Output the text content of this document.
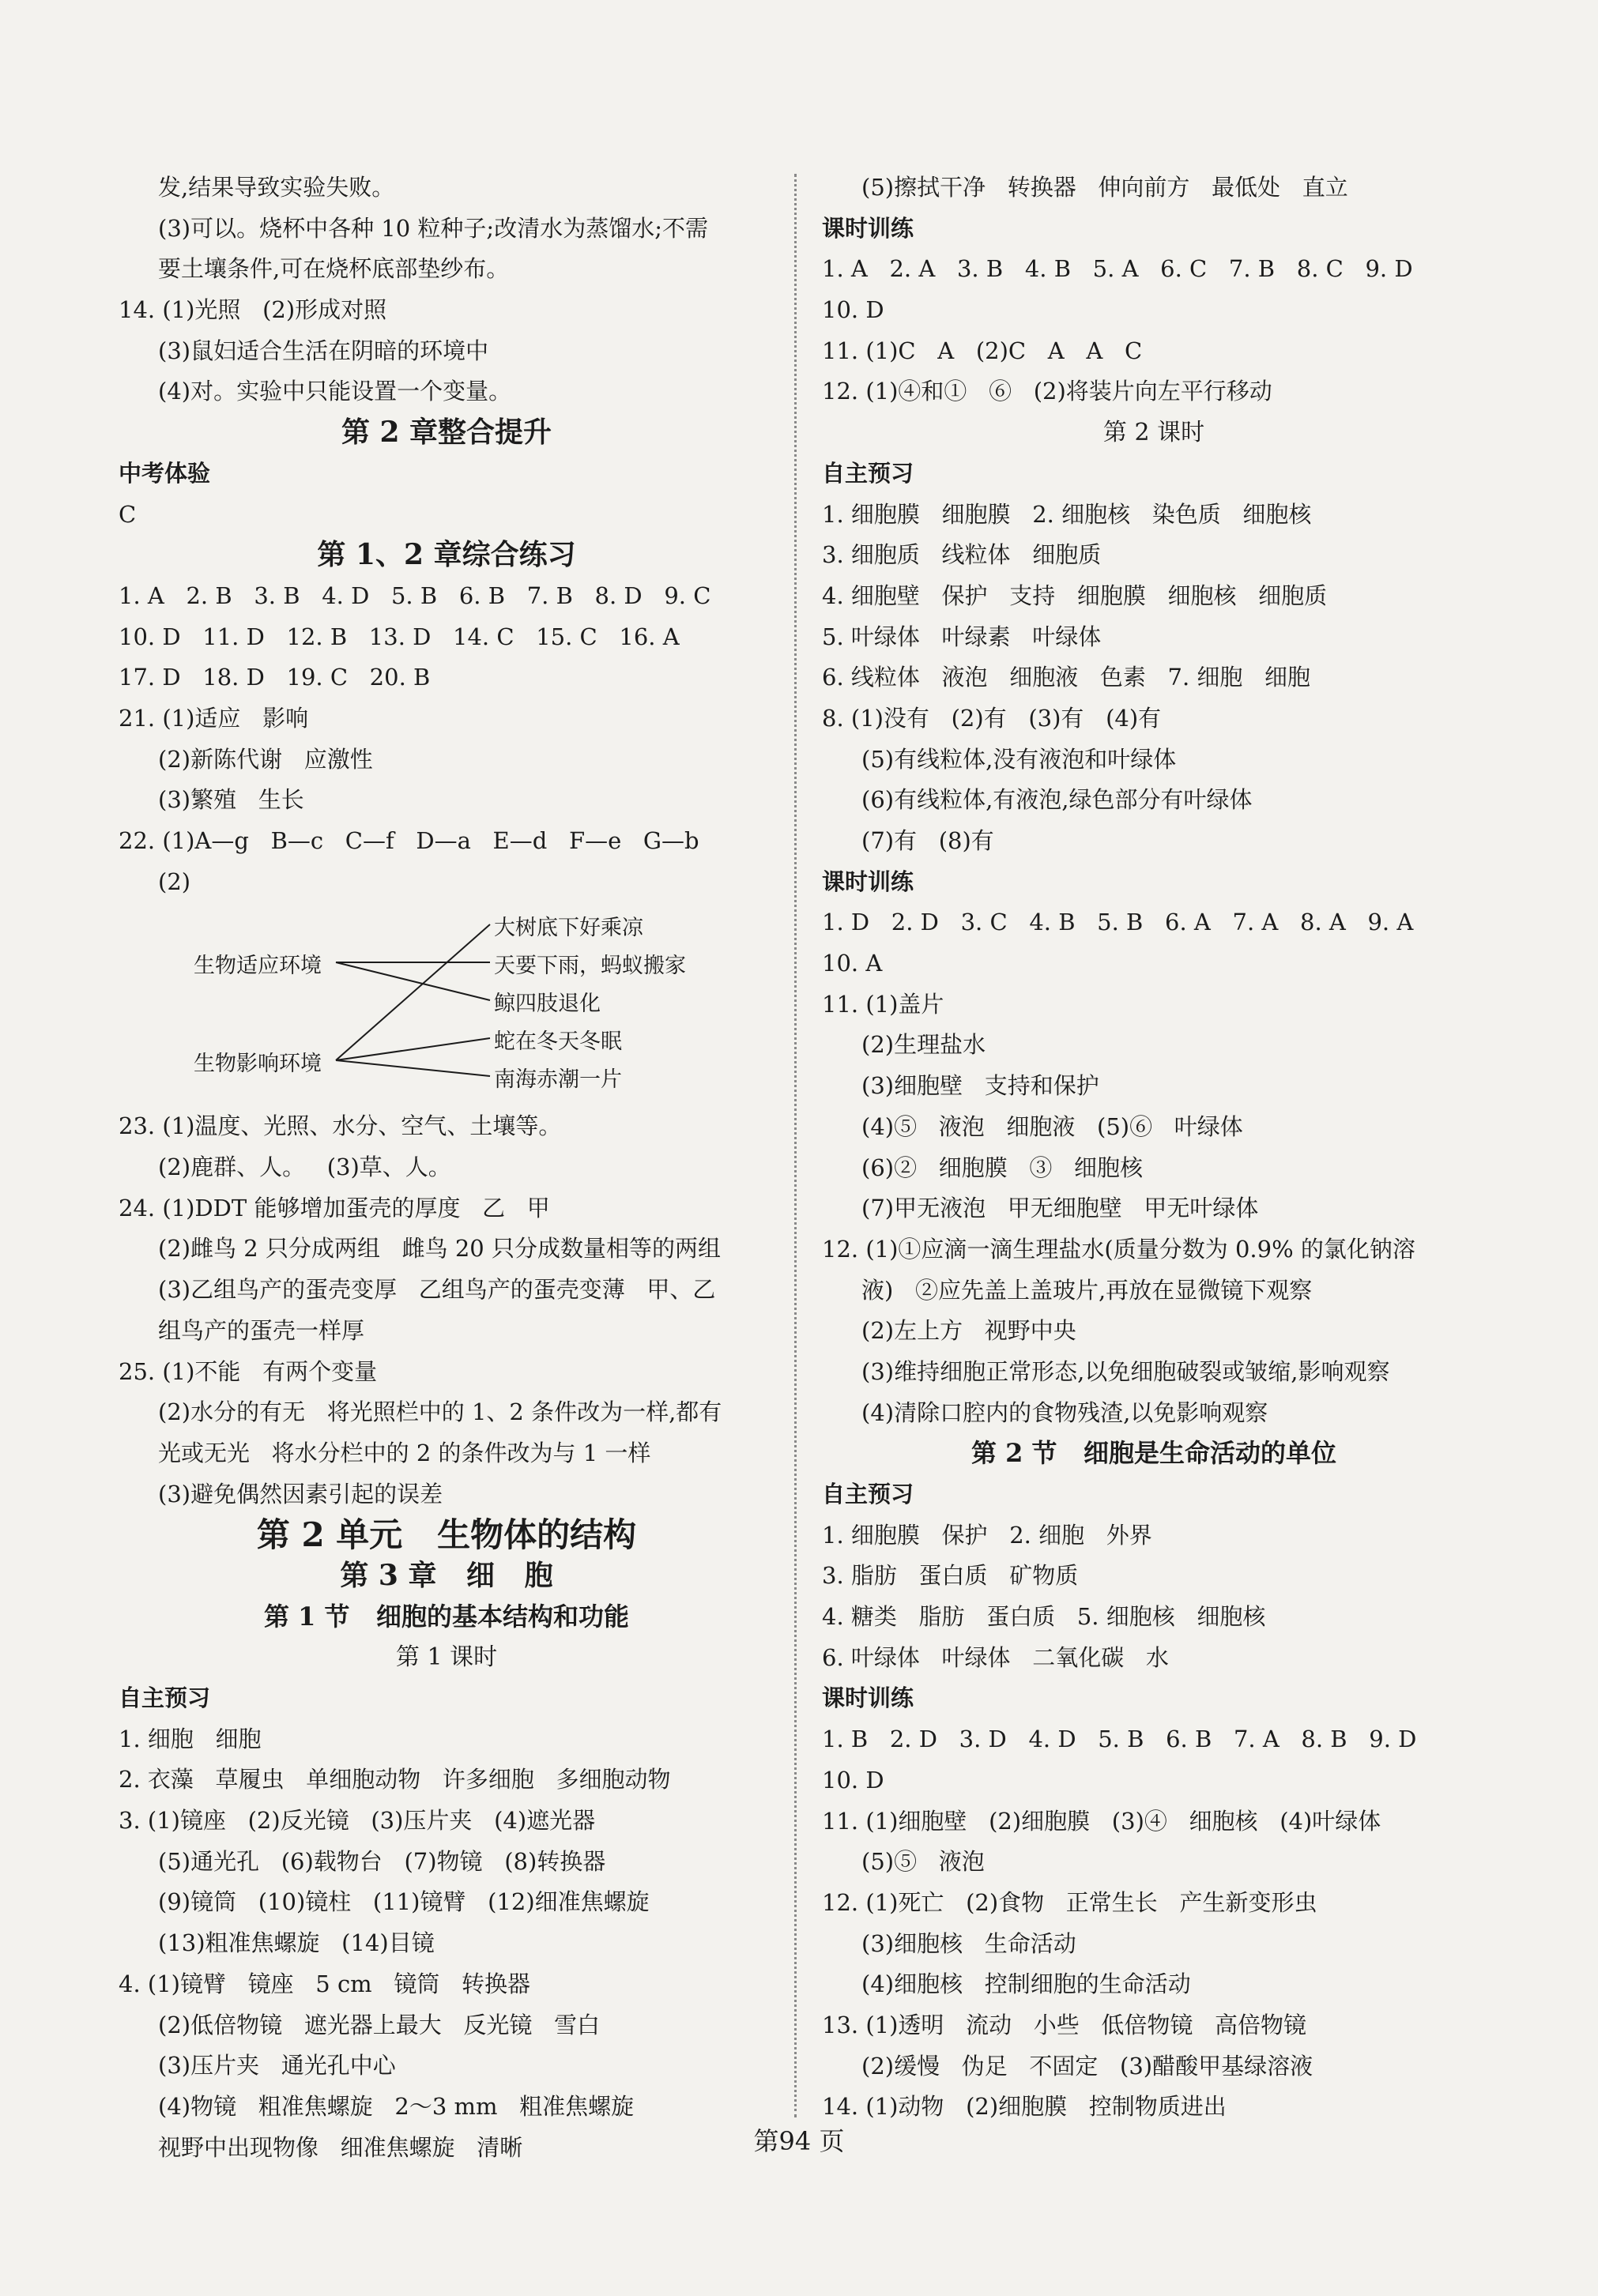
发,结果导致实验失败。
(3)可以。烧杯中各种 10 粒种子;改清水为蒸馏水;不需
要土壤条件,可在烧杯底部垫纱布。
14. (1)光照   (2)形成对照
(3)鼠妇适合生活在阴暗的环境中
(4)对。实验中只能设置一个变量。
第 2 章整合提升
中考体验
C
第 1、2 章综合练习
1. A   2. B   3. B   4. D   5. B   6. B   7. B   8. D   9. C
10. D   11. D   12. B   13. D   14. C   15. C   16. A
17. D   18. D   19. C   20. B
21. (1)适应   影响
(2)新陈代谢   应激性
(3)繁殖   生长
22. (1)A—g   B—c   C—f   D—a   E—d   F—e   G—b
(2)
生物适应环境
生物影响环境
大树底下好乘凉
天要下雨，蚂蚁搬家
鲸四肢退化
蛇在冬天冬眠
南海赤潮一片
23. (1)温度、光照、水分、空气、土壤等。
(2)鹿群、人。   (3)草、人。
24. (1)DDT 能够增加蛋壳的厚度   乙   甲
(2)雌鸟 2 只分成两组   雌鸟 20 只分成数量相等的两组
(3)乙组鸟产的蛋壳变厚   乙组鸟产的蛋壳变薄   甲、乙
组鸟产的蛋壳一样厚
25. (1)不能   有两个变量
(2)水分的有无   将光照栏中的 1、2 条件改为一样,都有
光或无光   将水分栏中的 2 的条件改为与 1 一样
(3)避免偶然因素引起的误差
第 2 单元   生物体的结构
第 3 章   细   胞
第 1 节   细胞的基本结构和功能
第 1 课时
自主预习
1. 细胞   细胞
2. 衣藻   草履虫   单细胞动物   许多细胞   多细胞动物
3. (1)镜座   (2)反光镜   (3)压片夹   (4)遮光器
(5)通光孔   (6)载物台   (7)物镜   (8)转换器
(9)镜筒   (10)镜柱   (11)镜臂   (12)细准焦螺旋
(13)粗准焦螺旋   (14)目镜
4. (1)镜臂   镜座   5 cm   镜筒   转换器
(2)低倍物镜   遮光器上最大   反光镜   雪白
(3)压片夹   通光孔中心
(4)物镜   粗准焦螺旋   2～3 mm   粗准焦螺旋
视野中出现物像   细准焦螺旋   清晰
(5)擦拭干净   转换器   伸向前方   最低处   直立
课时训练
1. A   2. A   3. B   4. B   5. A   6. C   7. B   8. C   9. D
10. D
11. (1)C   A   (2)C   A   A   C
12. (1)④和①   ⑥   (2)将装片向左平行移动
第 2 课时
自主预习
1. 细胞膜   细胞膜   2. 细胞核   染色质   细胞核
3. 细胞质   线粒体   细胞质
4. 细胞壁   保护   支持   细胞膜   细胞核   细胞质
5. 叶绿体   叶绿素   叶绿体
6. 线粒体   液泡   细胞液   色素   7. 细胞   细胞
8. (1)没有   (2)有   (3)有   (4)有
(5)有线粒体,没有液泡和叶绿体
(6)有线粒体,有液泡,绿色部分有叶绿体
(7)有   (8)有
课时训练
1. D   2. D   3. C   4. B   5. B   6. A   7. A   8. A   9. A
10. A
11. (1)盖片
(2)生理盐水
(3)细胞壁   支持和保护
(4)⑤   液泡   细胞液   (5)⑥   叶绿体
(6)②   细胞膜   ③   细胞核
(7)甲无液泡   甲无细胞壁   甲无叶绿体
12. (1)①应滴一滴生理盐水(质量分数为 0.9% 的氯化钠溶
液)   ②应先盖上盖玻片,再放在显微镜下观察
(2)左上方   视野中央
(3)维持细胞正常形态,以免细胞破裂或皱缩,影响观察
(4)清除口腔内的食物残渣,以免影响观察
第 2 节   细胞是生命活动的单位
自主预习
1. 细胞膜   保护   2. 细胞   外界
3. 脂肪   蛋白质   矿物质
4. 糖类   脂肪   蛋白质   5. 细胞核   细胞核
6. 叶绿体   叶绿体   二氧化碳   水
课时训练
1. B   2. D   3. D   4. D   5. B   6. B   7. A   8. B   9. D
10. D
11. (1)细胞壁   (2)细胞膜   (3)④   细胞核   (4)叶绿体
(5)⑤   液泡
12. (1)死亡   (2)食物   正常生长   产生新变形虫
(3)细胞核   生命活动
(4)细胞核   控制细胞的生命活动
13. (1)透明   流动   小些   低倍物镜   高倍物镜
(2)缓慢   伪足   不固定   (3)醋酸甲基绿溶液
14. (1)动物   (2)细胞膜   控制物质进出
第94 页
